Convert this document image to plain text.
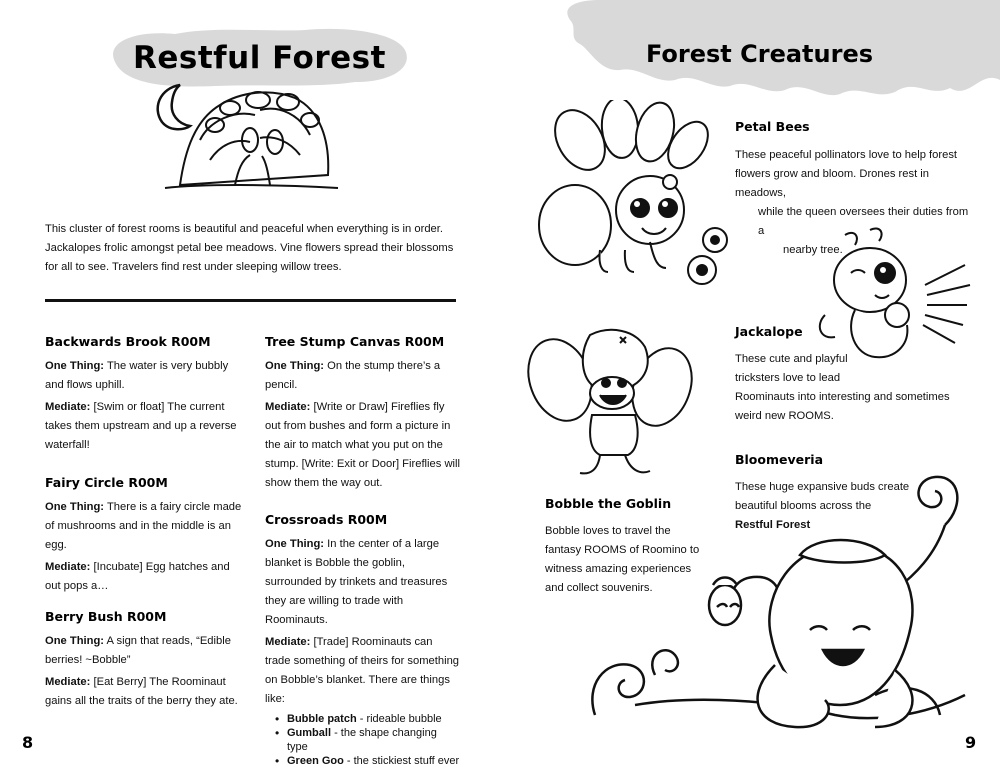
Restful Forest	Forest Creatures
This cluster of forest rooms is beautiful and peaceful when everything is in order. Jackalopes frolic amongst petal bee meadows. Vine flowers spread their blossoms for all to see. Travelers find rest under sleeping willow trees.
Backwards Brook R00M
One Thing: The water is very bubbly and flows uphill.
Mediate: [Swim or float] The current takes them upstream and up a reverse waterfall!
Fairy Circle R00M
One Thing: There is a fairy circle made of mushrooms and in the middle is an egg.
Mediate: [Incubate] Egg hatches and out pops a…
Berry Bush R00M
One Thing: A sign that reads, “Edible berries! ~Bobble”
Mediate: [Eat Berry] The Roominaut gains all the traits of the berry they ate.
Tree Stump Canvas R00M
One Thing: On the stump there’s a pencil.
Mediate: [Write or Draw] Fireflies fly out from bushes and form a picture in the air to match what you put on the stump. [Write: Exit or Door] Fireflies will show them the way out.
Crossroads R00M
One Thing: In the center of a large blanket is Bobble the goblin, surrounded by trinkets and treasures they are willing to trade with Roominauts.
Mediate: [Trade] Roominauts can trade something of theirs for something on Bobble’s blanket. There are things like:
• Bubble patch - rideable bubble
• Gumball - the shape changing type
• Green Goo - the stickiest stuff ever
8
Petal Bees
These peaceful pollinators love to help forest
flowers grow and bloom. Drones rest in meadows,
while the queen oversees their duties from a
nearby tree.
Jackalope
These cute and playful
tricksters love to lead
Roominauts into interesting and sometimes
weird new ROOMS.
Bobble the Goblin
Bobble loves to travel the fantasy ROOMS of Roomino to witness amazing experiences and collect souvenirs.
Bloomeveria
These huge expansive buds create
beautiful blooms across the
Restful Forest
9
